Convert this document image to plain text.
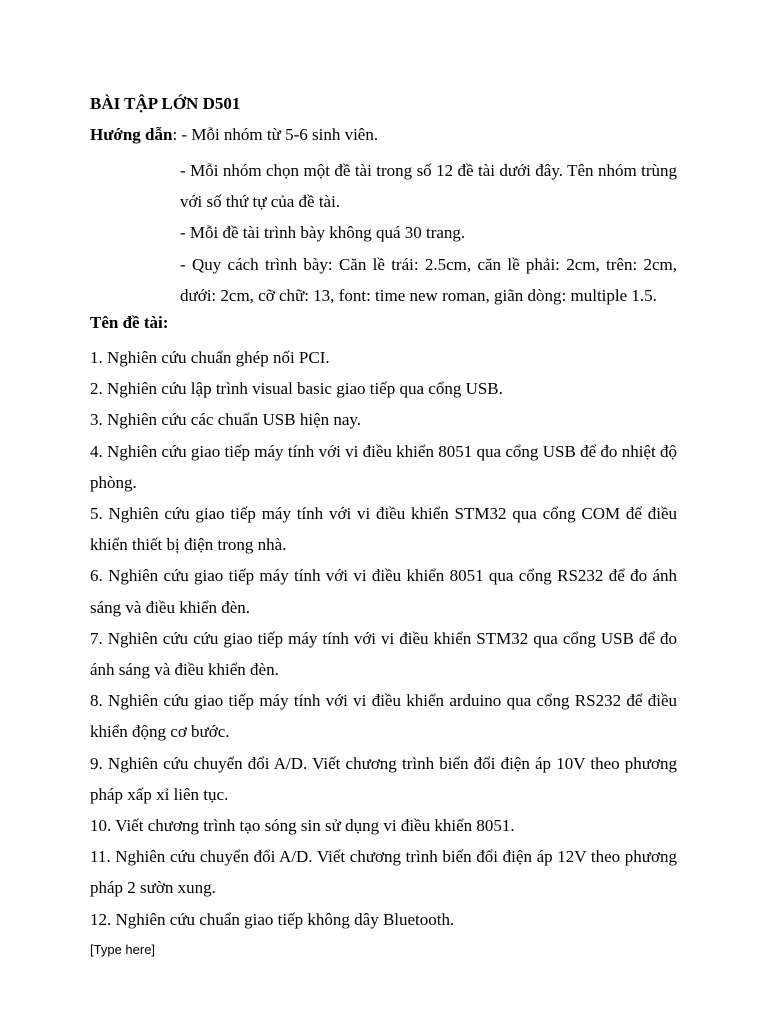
BÀI TẬP LỚN D501
Hướng dẫn: - Mỗi nhóm từ 5-6 sinh viên.
- Mỗi nhóm chọn một đề tài trong số 12 đề tài dưới đây. Tên nhóm trùng với số thứ tự của đề tài.
- Mỗi đề tài trình bày không quá 30 trang.
- Quy cách trình bày: Căn lề trái: 2.5cm, căn lề phải: 2cm, trên: 2cm, dưới: 2cm, cỡ chữ: 13, font: time new roman, giãn dòng: multiple 1.5.
Tên đề tài:
1. Nghiên cứu chuẩn ghép nối PCI.
2. Nghiên cứu lập trình visual basic giao tiếp qua cổng USB.
3. Nghiên cứu các chuẩn USB hiện nay.
4. Nghiên cứu giao tiếp máy tính với vi điều khiển 8051 qua cổng USB để đo nhiệt độ phòng.
5. Nghiên cứu giao tiếp máy tính với vi điều khiển STM32 qua cổng COM để điều khiển thiết bị điện trong nhà.
6. Nghiên cứu giao tiếp máy tính với vi điều khiển 8051 qua cổng RS232 để đo ánh sáng và điều khiển đèn.
7. Nghiên cứu cứu giao tiếp máy tính với vi điều khiển STM32 qua cổng USB để đo ánh sáng và điều khiển đèn.
8. Nghiên cứu giao tiếp máy tính với vi điều khiển arduino qua cổng RS232 để điều khiển động cơ bước.
9. Nghiên cứu chuyển đổi A/D. Viết chương trình biến đổi điện áp 10V theo phương pháp xấp xỉ liên tục.
10. Viết chương trình tạo sóng sin sử dụng vi điều khiển 8051.
11. Nghiên cứu chuyển đổi A/D. Viết chương trình biến đổi điện áp 12V theo phương pháp 2 sườn xung.
12. Nghiên cứu chuẩn giao tiếp không dây Bluetooth.
[Type here]
